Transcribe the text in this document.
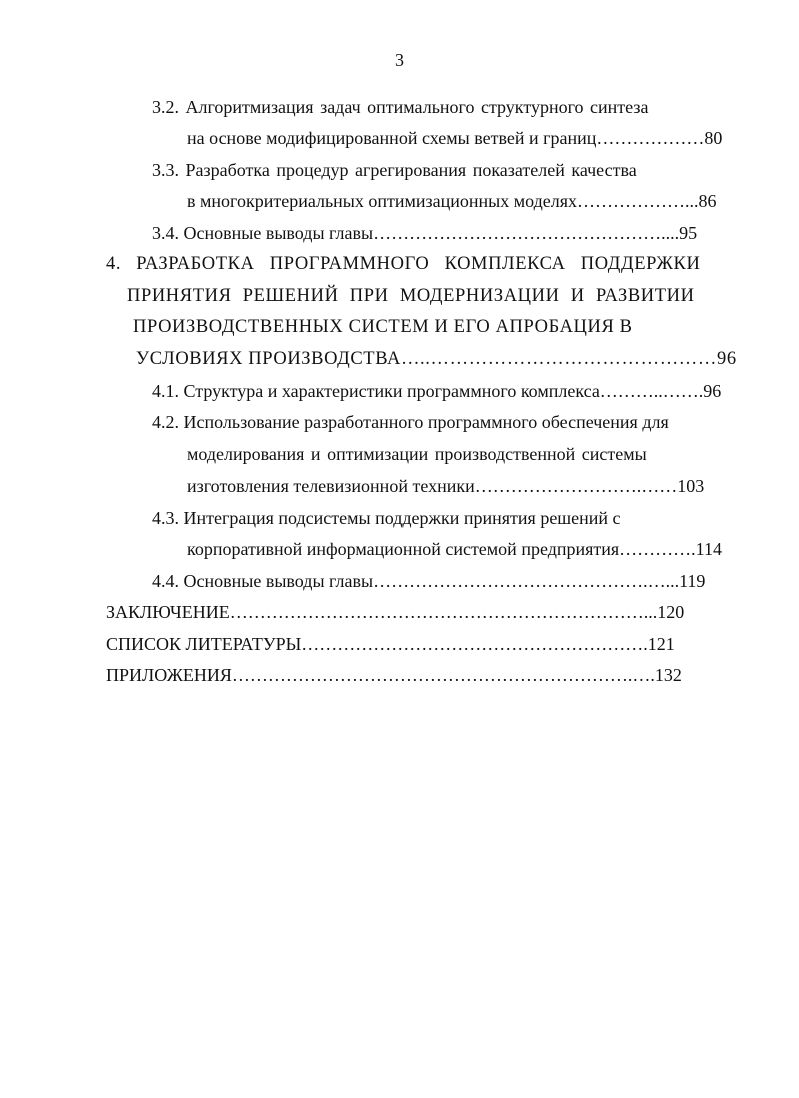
3
3.2. Алгоритмизация задач оптимального структурного синтеза
на основе модифицированной схемы ветвей и границ………………80
3.3. Разработка процедур агрегирования показателей качества
в многокритериальных оптимизационных моделях………………...86
3.4. Основные выводы главы…………………………………………....95
4. РАЗРАБОТКА ПРОГРАММНОГО КОМПЛЕКСА ПОДДЕРЖКИ
ПРИНЯТИЯ РЕШЕНИЙ ПРИ МОДЕРНИЗАЦИИ И РАЗВИТИИ
ПРОИЗВОДСТВЕННЫХ СИСТЕМ И ЕГО АПРОБАЦИЯ В
УСЛОВИЯХ ПРОИЗВОДСТВА…..………………………………………96
4.1. Структура и характеристики программного комплекса………..…….96
4.2. Использование разработанного программного обеспечения для
моделирования и оптимизации производственной системы
изготовления телевизионной техники……………………….……103
4.3. Интеграция подсистемы поддержки принятия решений с
корпоративной информационной системой предприятия………….114
4.4. Основные выводы главы……………………………………….…...119
ЗАКЛЮЧЕНИЕ……………………………………………………………...120
СПИСОК ЛИТЕРАТУРЫ………………………………………………….121
ПРИЛОЖЕНИЯ………………………………………………………….….132
